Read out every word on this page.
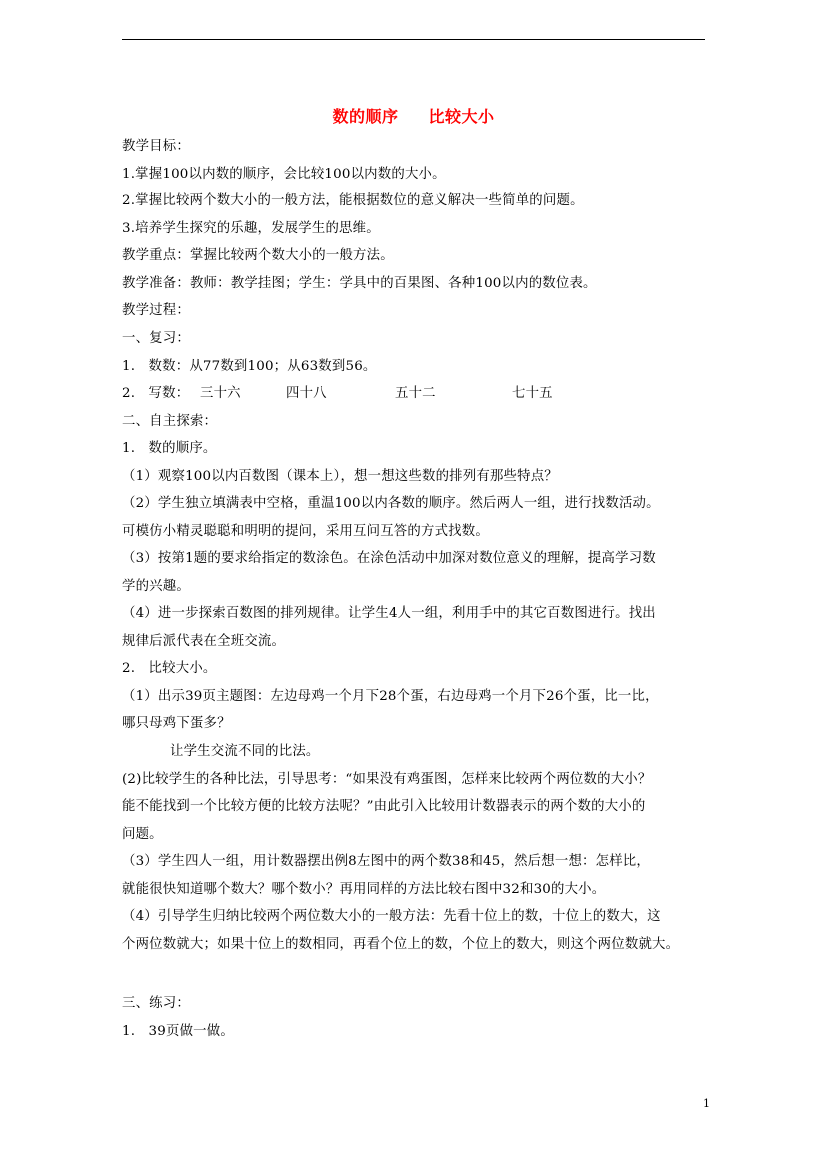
数的顺序 比较大小
教学目标：
1.掌握100以内数的顺序，会比较100以内数的大小。
2.掌握比较两个数大小的一般方法，能根据数位的意义解决一些简单的问题。
3.培养学生探究的乐趣，发展学生的思维。
教学重点：掌握比较两个数大小的一般方法。
教学准备：教师：教学挂图；学生：学具中的百果图、各种100以内的数位表。
教学过程：
一、复习：
1.   数数：从77数到100；从63数到56。
2.   写数： 三十六	四十八	五十二	七十五
二、自主探索：
1.   数的顺序。
（1）观察100以内百数图（课本上），想一想这些数的排列有那些特点？
（2）学生独立填满表中空格，重温100以内各数的顺序。然后两人一组，进行找数活动。
可模仿小精灵聪聪和明明的提问，采用互问互答的方式找数。
（3）按第1题的要求给指定的数涂色。在涂色活动中加深对数位意义的理解，提高学习数
学的兴趣。
（4）进一步探索百数图的排列规律。让学生4人一组，利用手中的其它百数图进行。找出
规律后派代表在全班交流。
2.   比较大小。
（1）出示39页主题图：左边母鸡一个月下28个蛋，右边母鸡一个月下26个蛋，比一比，
哪只母鸡下蛋多？
让学生交流不同的比法。
(2)比较学生的各种比法，引导思考：“如果没有鸡蛋图，怎样来比较两个两位数的大小？
能不能找到一个比较方便的比较方法呢？”由此引入比较用计数器表示的两个数的大小的
问题。
（3）学生四人一组，用计数器摆出例8左图中的两个数38和45，然后想一想：怎样比，
就能很快知道哪个数大？哪个数小？再用同样的方法比较右图中32和30的大小。
（4）引导学生归纳比较两个两位数大小的一般方法：先看十位上的数，十位上的数大，这
个两位数就大；如果十位上的数相同，再看个位上的数，个位上的数大，则这个两位数就大。
三、练习：
1.   39页做一做。
1
